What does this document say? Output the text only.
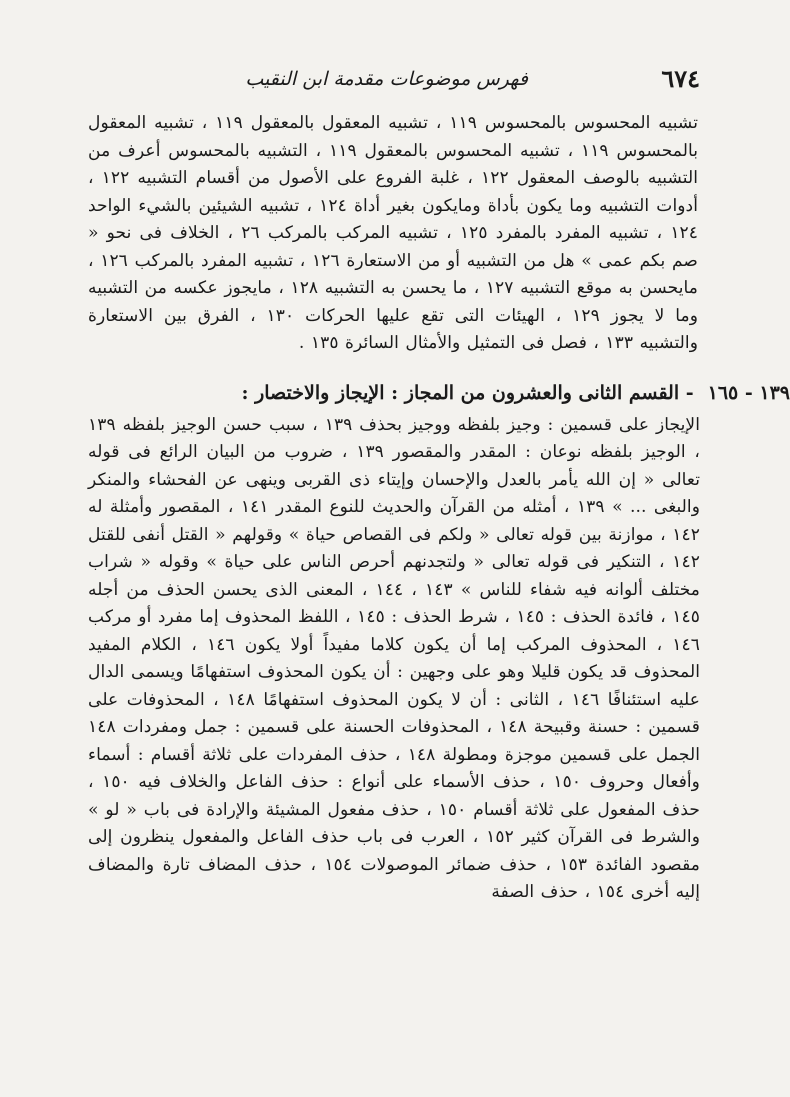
٦٧٤
فهرس موضوعات مقدمة ابن النقيب

تشبيه المحسوس بالمحسوس ١١٩ ، تشبيه المعقول بالمعقول ١١٩ ، تشبيه المعقول بالمحسوس ١١٩ ، تشبيه المحسوس بالمعقول ١١٩ ، التشبيه بالمحسوس أعرف من التشبيه بالوصف المعقول ١٢٢ ، غلبة الفروع على الأصول من أقسام التشبيه ١٢٢ ، أدوات التشبيه وما يكون بأداة ومايكون بغير أداة ١٢٤ ، تشبيه الشيئين بالشيء الواحد ١٢٤ ، تشبيه المفرد بالمفرد ١٢٥ ، تشبيه المركب بالمركب ٢٦ ، الخلاف فى نحو « صم بكم عمى » هل من التشبيه أو من الاستعارة ١٢٦ ، تشبيه المفرد بالمركب ١٢٦ ، مايحسن به موقع التشبيه ١٢٧ ، ما يحسن به التشبيه ١٢٨ ، مايجوز عكسه من التشبيه وما لا يجوز ١٢٩ ، الهيئات التى تقع عليها الحركات ١٣٠ ، الفرق بين الاستعارة والتشبيه ١٣٣ ، فصل فى التمثيل والأمثال السائرة ١٣٥ .

١٣٩ - ١٦٥- القسم الثانى والعشرون من المجاز : الإيجاز والاختصار :

الإيجاز على قسمين : وجيز بلفظه ووجيز بحذف ١٣٩ ، سبب حسن الوجيز بلفظه ١٣٩ ، الوجيز بلفظه نوعان : المقدر والمقصور ١٣٩ ، ضروب من البيان الرائع فى قوله تعالى « إن الله يأمر بالعدل والإحسان وإيتاء ذى القربى وينهى عن الفحشاء والمنكر والبغى ... » ١٣٩ ، أمثله من القرآن والحديث للنوع المقدر ١٤١ ، المقصور وأمثلة له ١٤٢ ، موازنة بين قوله تعالى « ولكم فى القصاص حياة » وقولهم « القتل أنفى للقتل ١٤٢ ، التنكير فى قوله تعالى « ولتجدنهم أحرص الناس على حياة » وقوله « شراب مختلف ألوانه فيه شفاء للناس » ١٤٣ ، ١٤٤ ، المعنى الذى يحسن الحذف من أجله ١٤٥ ، فائدة الحذف : ١٤٥ ، شرط الحذف : ١٤٥ ، اللفظ المحذوف إما مفرد أو مركب ١٤٦ ، المحذوف المركب إما أن يكون كلاما مفيداً أولا يكون ١٤٦ ، الكلام المفيد المحذوف قد يكون قليلا وهو على وجهين : أن يكون المحذوف استفهامًا ويسمى الدال عليه استئنافًا ١٤٦ ، الثانى : أن لا يكون المحذوف استفهامًا ١٤٨ ، المحذوفات على قسمين : حسنة وقبيحة ١٤٨ ، المحذوفات الحسنة على قسمين : جمل ومفردات ١٤٨ الجمل على قسمين موجزة ومطولة ١٤٨ ، حذف المفردات على ثلاثة أقسام : أسماء وأفعال وحروف ١٥٠ ، حذف الأسماء على أنواع : حذف الفاعل والخلاف فيه ١٥٠ ، حذف المفعول على ثلاثة أقسام ١٥٠ ، حذف مفعول المشيئة والإرادة فى باب « لو » والشرط فى القرآن كثير ١٥٢ ، العرب فى باب حذف الفاعل والمفعول ينظرون إلى مقصود الفائدة ١٥٣ ، حذف ضمائر الموصولات ١٥٤ ، حذف المضاف تارة والمضاف إليه أخرى ١٥٤ ، حذف الصفة
